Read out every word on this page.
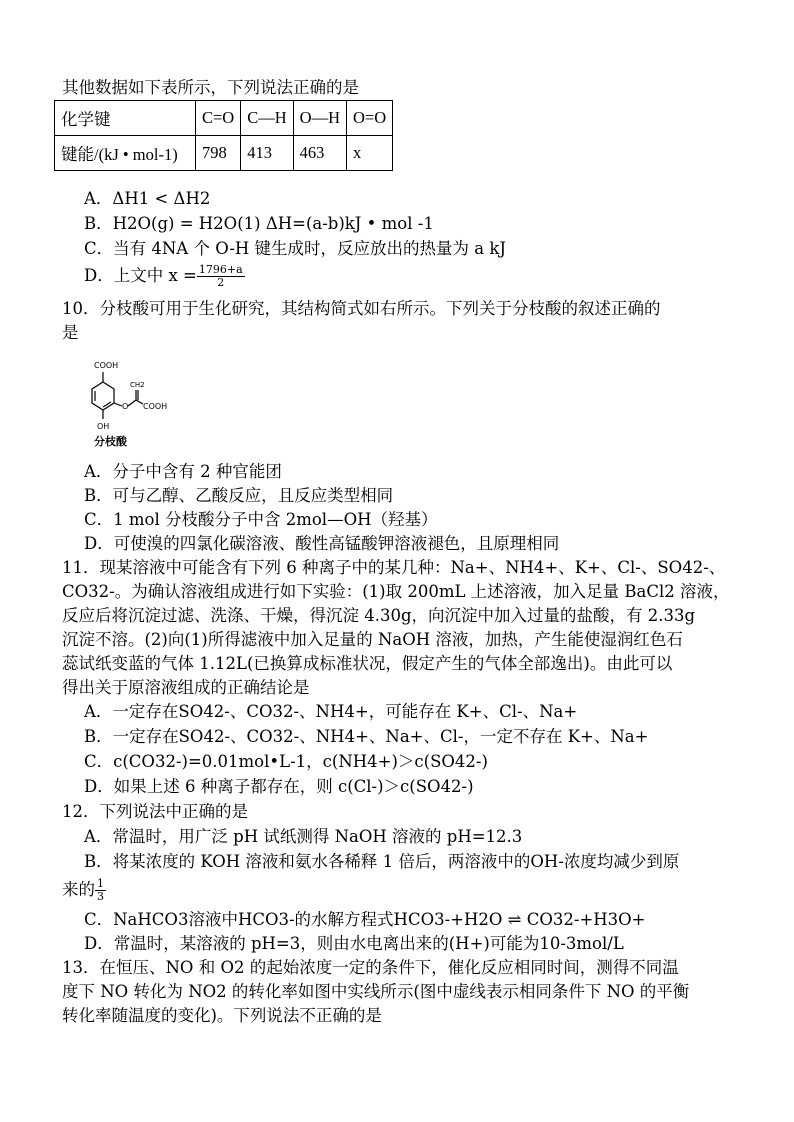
其他数据如下表所示，下列说法正确的是
化学键	C=O	C—H	O—H	O=O
键能/(kJ • mol-1)	798	413	463	x
A．ΔH1 < ΔH2
B．H2O(g) = H2O(1) ΔH=(a-b)kJ • mol -1
C．当有 4NA 个 O-H 键生成时，反应放出的热量为 a kJ
D．上文中 $x = \frac{1796+a}{2}$
10．分枝酸可用于生化研究，其结构简式如右所示。下列关于分枝酸的叙述正确的
是
COOH
CH2
O COOH
OH
分枝酸
A．分子中含有 2 种官能团
B．可与乙醇、乙酸反应，且反应类型相同
C．1 mol 分枝酸分子中含 2mol—OH（羟基）
D．可使溴的四氯化碳溶液、酸性高锰酸钾溶液褪色，且原理相同
11．现某溶液中可能含有下列 6 种离子中的某几种：Na+、NH4+、K+、Cl-、SO42-、
CO32-。为确认溶液组成进行如下实验：(1)取 200mL 上述溶液，加入足量 BaCl2 溶液，
反应后将沉淀过滤、洗涤、干燥，得沉淀 4.30g，向沉淀中加入过量的盐酸，有 2.33g
沉淀不溶。(2)向(1)所得滤液中加入足量的 NaOH 溶液，加热，产生能使湿润红色石
蕊试纸变蓝的气体 1.12L(已换算成标准状况，假定产生的气体全部逸出)。由此可以
得出关于原溶液组成的正确结论是
A．一定存在SO42-、CO32-、NH4+，可能存在 K+、Cl-、Na+
B．一定存在SO42-、CO32-、NH4+、Na+、Cl-，一定不存在 K+、Na+
C．c(CO32-)=0.01mol•L-1，c(NH4+)＞c(SO42-)
D．如果上述 6 种离子都存在，则 c(Cl-)＞c(SO42-)
12．下列说法中正确的是
A．常温时，用广泛 pH 试纸测得 NaOH 溶液的 pH=12.3
B．将某浓度的 KOH 溶液和氨水各稀释 1 倍后，两溶液中的OH-浓度均减少到原
来的 $\frac{1}{3}$
C．NaHCO3溶液中HCO3-的水解方程式HCO3-+H2O ⇌ CO32-+H3O+
D．常温时，某溶液的 pH=3，则由水电离出来的(H+)可能为10-3mol/L
13．在恒压、NO 和 O2 的起始浓度一定的条件下，催化反应相同时间，测得不同温
度下 NO 转化为 NO2 的转化率如图中实线所示(图中虚线表示相同条件下 NO 的平衡
转化率随温度的变化)。下列说法不正确的是
